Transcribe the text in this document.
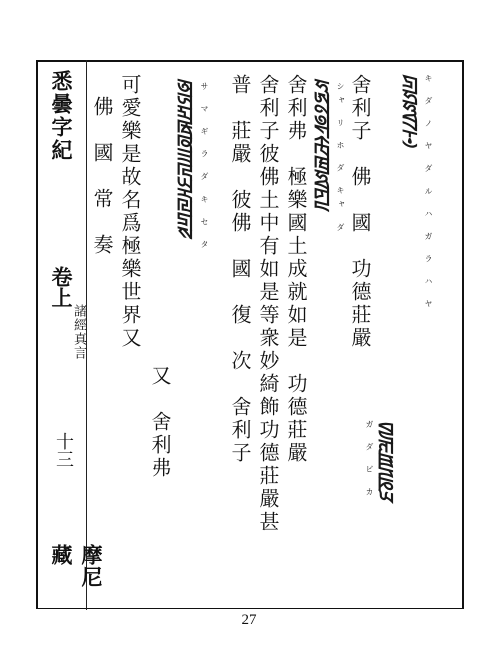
悉曇字紀
卷上
諸經真言
十三
摩尼藏
佛　國　常　奏 可愛樂是故名爲極樂世界又
又　舍利弗
ꡐꡑꡒꡓꡔꡕꡖꡗꡘꡙꡚꡛ サ マ ギ ラ ダ キ セ タ 普　莊嚴　彼佛　國　復　次　舍利子 舍利子彼佛土中有如是等衆妙綺飾功德莊嚴甚 舍利弗　極樂國土成就如是　功德莊嚴 ꡜꡝꡞꡟꡠꡡꡢꡣꡤꡥꡦ シャ リ ホ ダ キャ ダ 舍利子　佛　國　功德莊嚴
ꡧꡨꡩꡪꡫꡬꡭ
ガ ダ ビ カ
ꡮꡯꡰꡱꡲꡳ キ ダ ノ ヤ ダ ル ハ ガ ラ ハ ヤ
27
